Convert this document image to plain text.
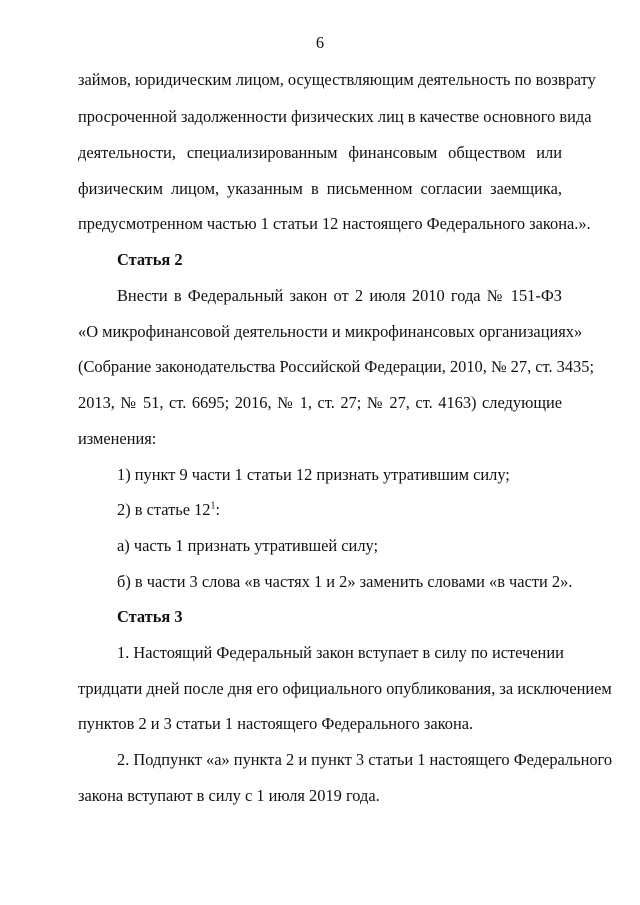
6
займов, юридическим лицом, осуществляющим деятельность по возврату
просроченной задолженности физических лиц в качестве основного вида
деятельности, специализированным финансовым обществом или
физическим лицом, указанным в письменном согласии заемщика,
предусмотренном частью 1 статьи 12 настоящего Федерального закона.».
Статья 2
Внести в Федеральный закон от 2 июля 2010 года № 151-ФЗ
«О микрофинансовой деятельности и микрофинансовых организациях»
(Собрание законодательства Российской Федерации, 2010, № 27, ст. 3435;
2013, № 51, ст. 6695; 2016, № 1, ст. 27; № 27, ст. 4163) следующие
изменения:
1) пункт 9 части 1 статьи 12 признать утратившим силу;
2) в статье $12^1$:
а) часть 1 признать утратившей силу;
б) в части 3 слова «в частях 1 и 2» заменить словами «в части 2».
Статья 3
1. Настоящий Федеральный закон вступает в силу по истечении
тридцати дней после дня его официального опубликования, за исключением
пунктов 2 и 3 статьи 1 настоящего Федерального закона.
2. Подпункт «а» пункта 2 и пункт 3 статьи 1 настоящего Федерального
закона вступают в силу с 1 июля 2019 года.
